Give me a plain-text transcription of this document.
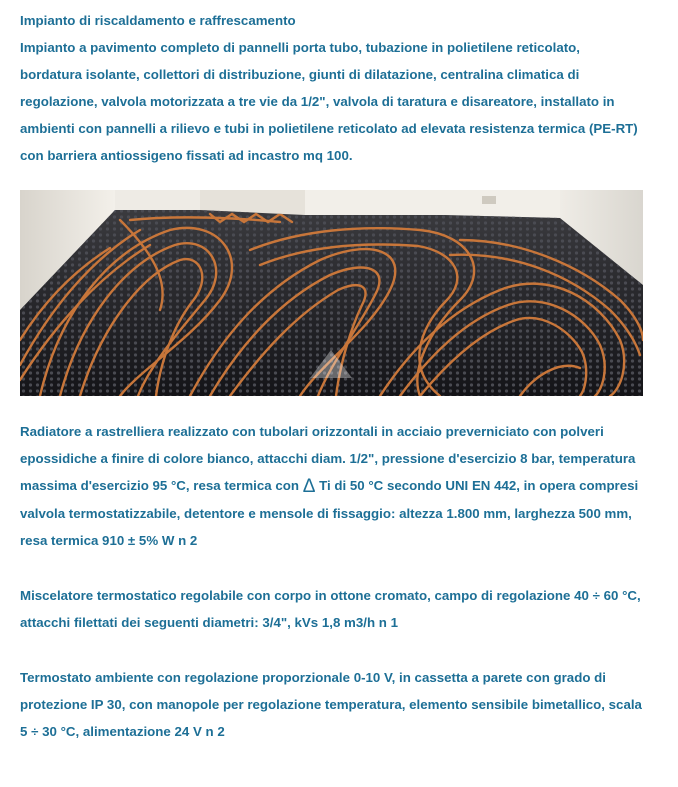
Impianto di riscaldamento e raffrescamento
Impianto a pavimento completo di pannelli porta tubo, tubazione in polietilene reticolato, bordatura isolante, collettori di distribuzione, giunti di dilatazione, centralina climatica di regolazione, valvola motorizzata a tre vie da 1/2", valvola di taratura e disareatore, installato in ambienti con pannelli a rilievo e tubi in polietilene reticolato ad elevata resistenza termica (PE-RT) con barriera antiossigeno fissati ad incastro mq 100.
Radiatore a rastrelliera realizzato con tubolari orizzontali in acciaio preverniciato con polveri epossidiche a finire di colore bianco, attacchi diam. 1/2", pressione d'esercizio 8 bar, temperatura massima d'esercizio 95 °C, resa termica con Δ Ti di 50 °C secondo UNI EN 442, in opera compresi valvola termostatizzabile, detentore e mensole di fissaggio: altezza 1.800 mm, larghezza 500 mm, resa termica 910 ± 5% W n 2
Miscelatore termostatico regolabile con corpo in ottone cromato, campo di regolazione 40 ÷ 60 °C, attacchi filettati dei seguenti diametri: 3/4", kVs 1,8 m3/h n 1
Termostato ambiente con regolazione proporzionale 0-10 V, in cassetta a parete con grado di protezione IP 30, con manopole per regolazione temperatura, elemento sensibile bimetallico, scala 5 ÷ 30 °C, alimentazione 24 V n 2
